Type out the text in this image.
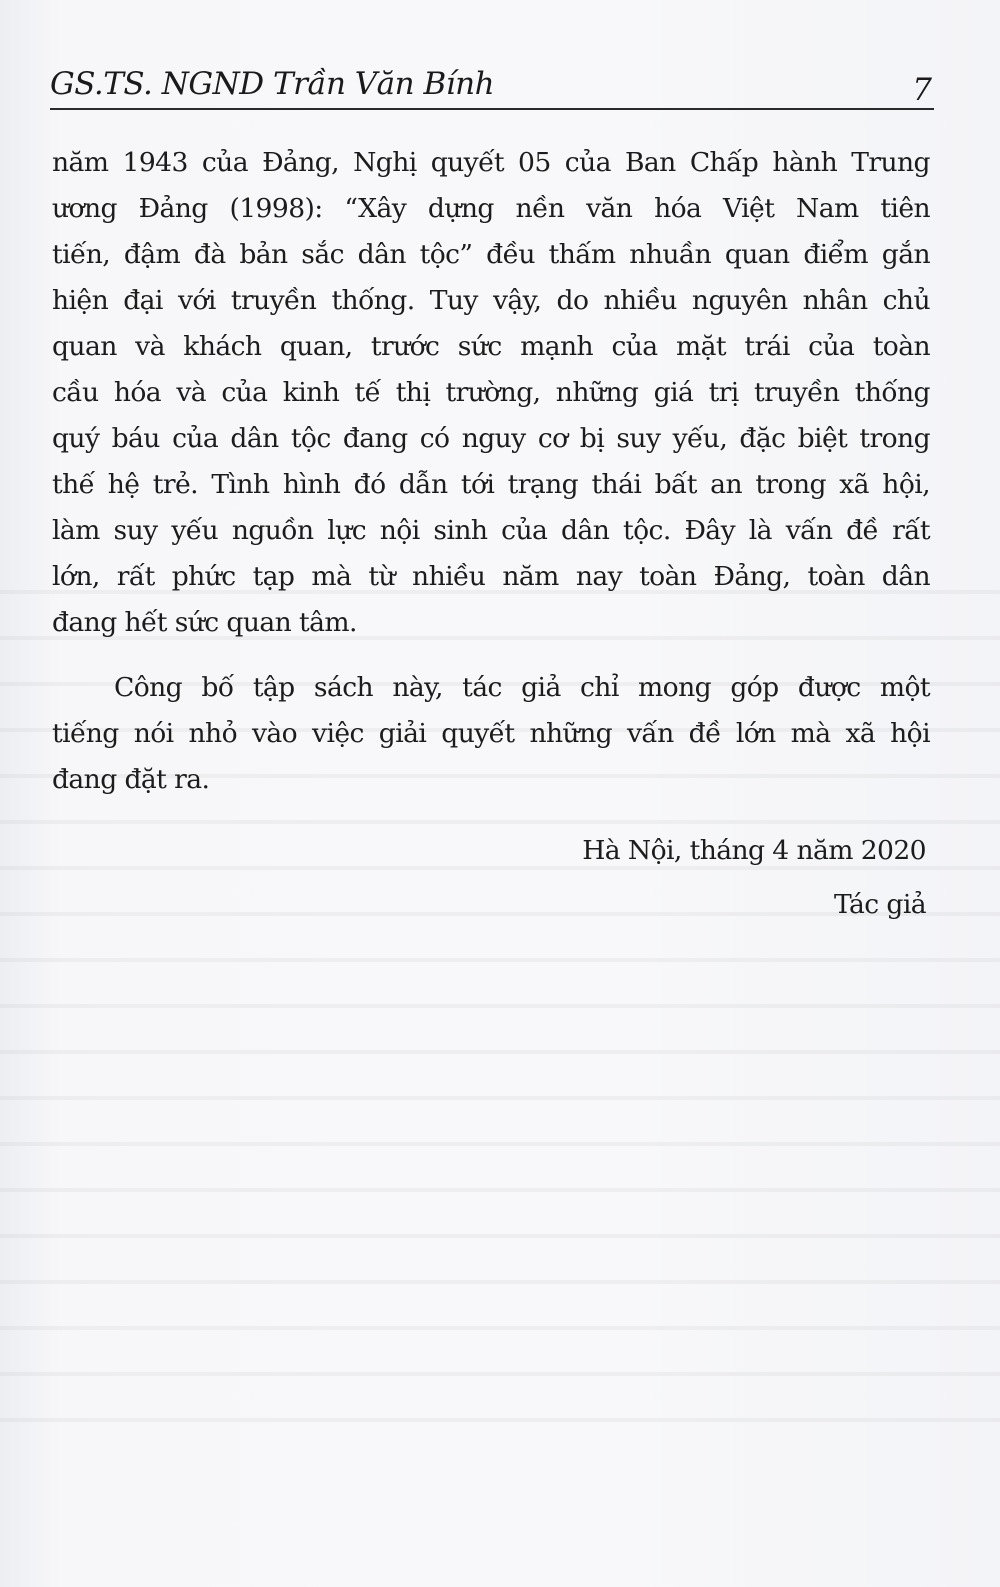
GS.TS. NGND Trần Văn Bính	7
năm 1943 của Đảng, Nghị quyết 05 của Ban Chấp hành Trung
ương Đảng (1998): “Xây dựng nền văn hóa Việt Nam tiên
tiến, đậm đà bản sắc dân tộc” đều thấm nhuần quan điểm gắn
hiện đại với truyền thống. Tuy vậy, do nhiều nguyên nhân chủ
quan và khách quan, trước sức mạnh của mặt trái của toàn
cầu hóa và của kinh tế thị trường, những giá trị truyền thống
quý báu của dân tộc đang có nguy cơ bị suy yếu, đặc biệt trong
thế hệ trẻ. Tình hình đó dẫn tới trạng thái bất an trong xã hội,
làm suy yếu nguồn lực nội sinh của dân tộc. Đây là vấn đề rất
lớn, rất phức tạp mà từ nhiều năm nay toàn Đảng, toàn dân
đang hết sức quan tâm.
Công bố tập sách này, tác giả chỉ mong góp được một
tiếng nói nhỏ vào việc giải quyết những vấn đề lớn mà xã hội
đang đặt ra.
Hà Nội, tháng 4 năm 2020
Tác giả
